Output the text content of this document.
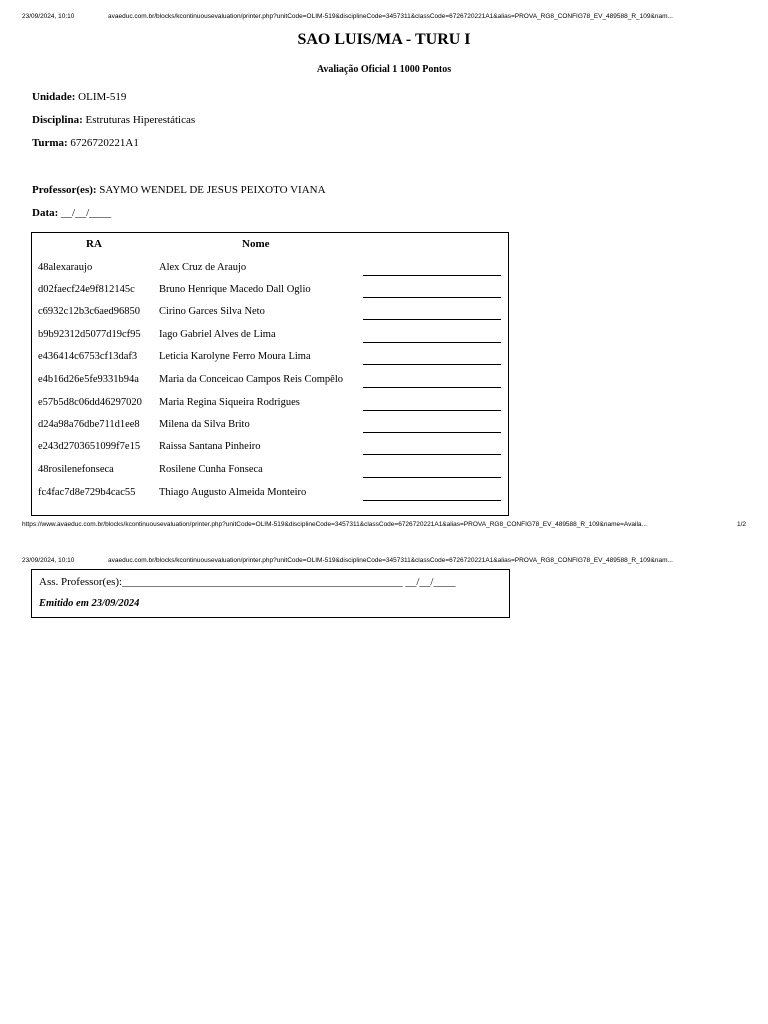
23/09/2024, 10:10	avaeduc.com.br/blocks/kcontinuousevaluation/printer.php?unitCode=OLIM-519&disciplineCode=3457311&classCode=6726720221A1&alias=PROVA_RG8_CONFIG78_EV_489588_R_109&nam...
SAO LUIS/MA - TURU I
Avaliação Oficial 1 1000 Pontos
Unidade: OLIM-519
Disciplina: Estruturas Hiperestáticas
Turma: 6726720221A1
Professor(es): SAYMO WENDEL DE JESUS PEIXOTO VIANA
Data: __/__/____
RA	Nome
48alexaraujo	Alex Cruz de Araujo
d02faecf24e9f812145c Bruno Henrique Macedo Dall Oglio
c6932c12b3c6aed96850 Cirino Garces Silva Neto
b9b92312d5077d19cf95 Iago Gabriel Alves de Lima
e436414c6753cf13daf3 Leticia Karolyne Ferro Moura Lima
e4b16d26e5fe9331b94a Maria da Conceicao Campos Reis Compêlo
e57b5d8c06dd46297020 Maria Regina Siqueira Rodrigues
d24a98a76dbe711d1ee8 Milena da Silva Brito
e243d2703651099f7e15 Raissa Santana Pinheiro
48rosilenefonseca	Rosilene Cunha Fonseca
fc4fac7d8e729b4cac55 Thiago Augusto Almeida Monteiro
https://www.avaeduc.com.br/blocks/kcontinuousevaluation/printer.php?unitCode=OLIM-519&disciplineCode=3457311&classCode=6726720221A1&alias=PROVA_RG8_CONFIG78_EV_489588_R_109&name=Availa...	1/2
23/09/2024, 10:10	avaeduc.com.br/blocks/kcontinuousevaluation/printer.php?unitCode=OLIM-519&disciplineCode=3457311&classCode=6726720221A1&alias=PROVA_RG8_CONFIG78_EV_489588_R_109&nam...
Ass. Professor(es):___________________________________________________ __/__/____
Emitido em 23/09/2024
